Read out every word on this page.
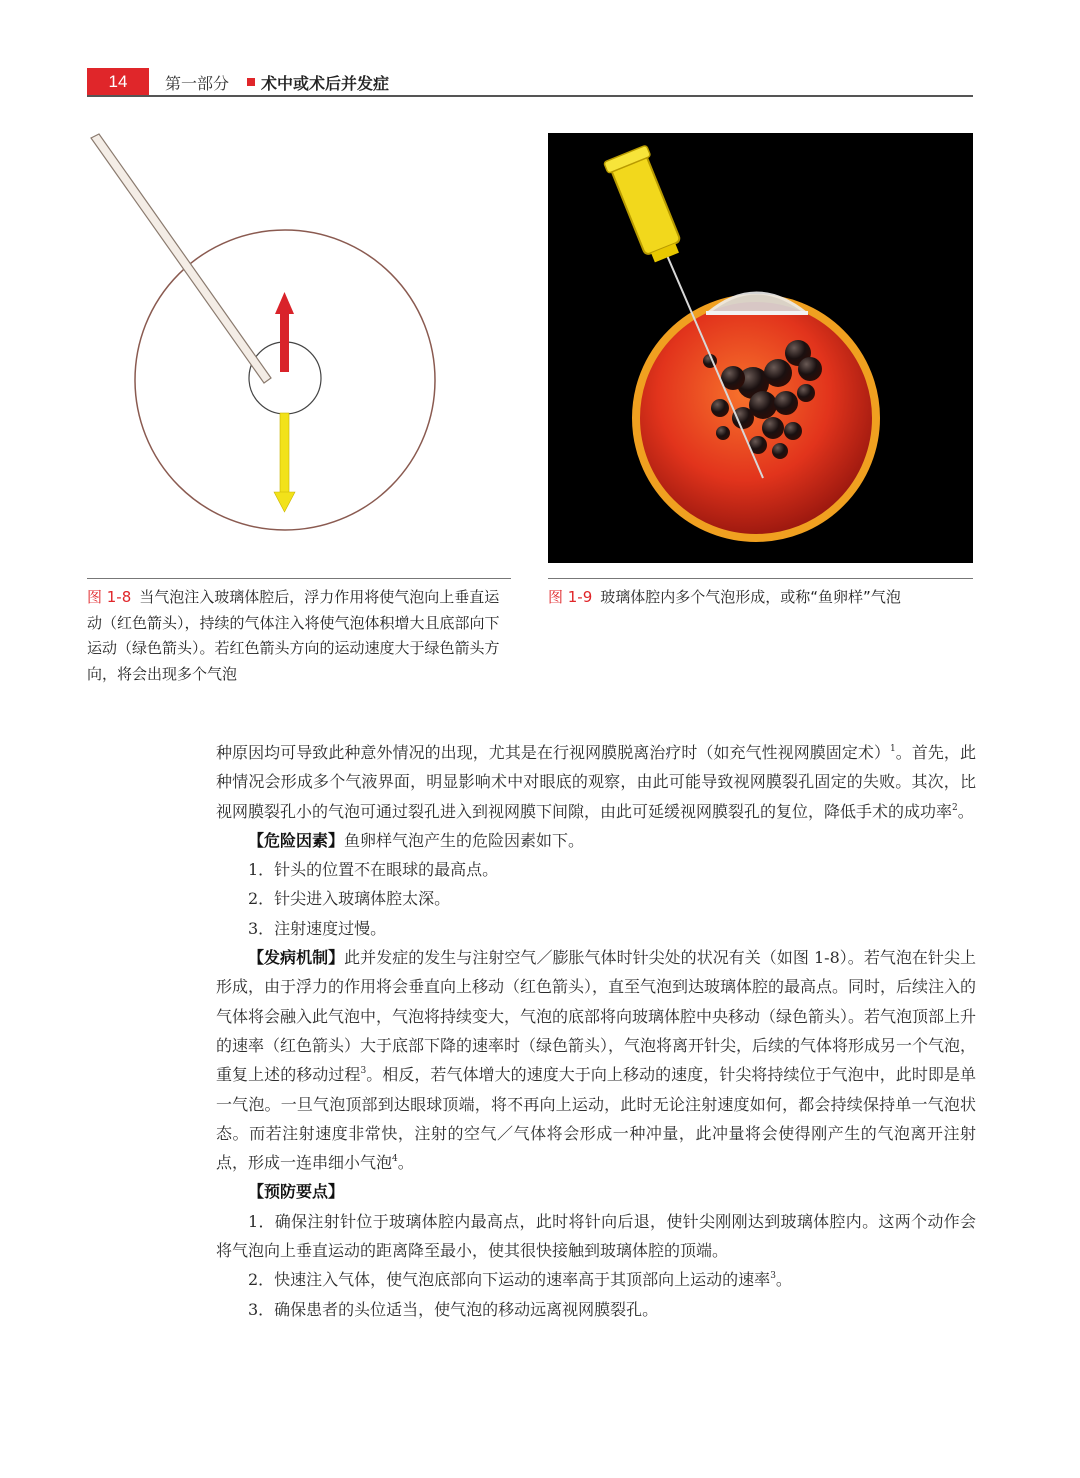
14	第一部分 术中或术后并发症
图 1-8 当气泡注入玻璃体腔后，浮力作用将使气泡向上垂直运动（红色箭头），持续的气体注入将使气泡体积增大且底部向下运动（绿色箭头）。若红色箭头方向的运动速度大于绿色箭头方向，将会出现多个气泡
图 1-9 玻璃体腔内多个气泡形成，或称“鱼卵样”气泡

种原因均可导致此种意外情况的出现，尤其是在行视网膜脱离治疗时（如充气性视网膜固定术）$^1$。首先，此种情况会形成多个气液界面，明显影响术中对眼底的观察，由此可能导致视网膜裂孔固定的失败。其次，比视网膜裂孔小的气泡可通过裂孔进入到视网膜下间隙，由此可延缓视网膜裂孔的复位，降低手术的成功率$^2$。

【危险因素】鱼卵样气泡产生的危险因素如下。

1．针头的位置不在眼球的最高点。

2．针尖进入玻璃体腔太深。

3．注射速度过慢。

【发病机制】此并发症的发生与注射空气／膨胀气体时针尖处的状况有关（如图 1-8）。若气泡在针尖上形成，由于浮力的作用将会垂直向上移动（红色箭头），直至气泡到达玻璃体腔的最高点。同时，后续注入的气体将会融入此气泡中，气泡将持续变大，气泡的底部将向玻璃体腔中央移动（绿色箭头）。若气泡顶部上升的速率（红色箭头）大于底部下降的速率时（绿色箭头），气泡将离开针尖，后续的气体将形成另一个气泡，重复上述的移动过程$^3$。相反，若气体增大的速度大于向上移动的速度，针尖将持续位于气泡中，此时即是单一气泡。一旦气泡顶部到达眼球顶端，将不再向上运动，此时无论注射速度如何，都会持续保持单一气泡状态。而若注射速度非常快，注射的空气／气体将会形成一种冲量，此冲量将会使得刚产生的气泡离开注射点，形成一连串细小气泡$^4$。

【预防要点】

1．确保注射针位于玻璃体腔内最高点，此时将针向后退，使针尖刚刚达到玻璃体腔内。这两个动作会将气泡向上垂直运动的距离降至最小，使其很快接触到玻璃体腔的顶端。

2．快速注入气体，使气泡底部向下运动的速率高于其顶部向上运动的速率$^3$。

3．确保患者的头位适当，使气泡的移动远离视网膜裂孔。
